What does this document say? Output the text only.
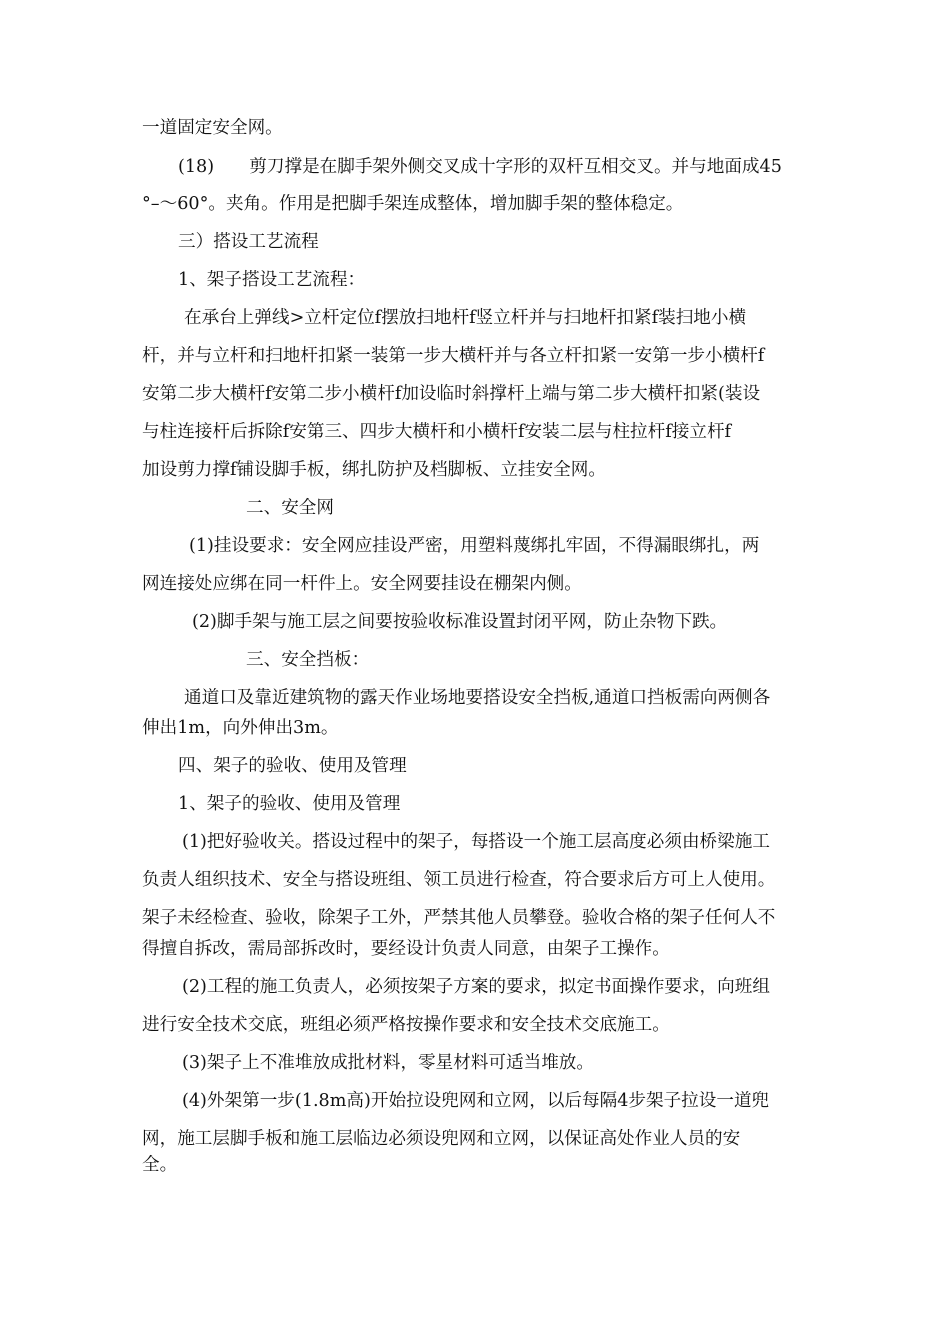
一道固定安全网。
(18)　　剪刀撑是在脚手架外侧交叉成十字形的双杆互相交叉。并与地面成45
°–〜60°。夹角。作用是把脚手架连成整体，增加脚手架的整体稳定。
三）搭设工艺流程
1、架子搭设工艺流程：
在承台上弹线>立杆定位f摆放扫地杆f竖立杆并与扫地杆扣紧f装扫地小横
杆，并与立杆和扫地杆扣紧一装第一步大横杆并与各立杆扣紧一安第一步小横杆f
安第二步大横杆f安第二步小横杆f加设临时斜撑杆上端与第二步大横杆扣紧(装设
与柱连接杆后拆除f安第三、四步大横杆和小横杆f安装二层与柱拉杆f接立杆f
加设剪力撑f铺设脚手板，绑扎防护及档脚板、立挂安全网。
二、安全网
(1)挂设要求：安全网应挂设严密，用塑料蔑绑扎牢固，不得漏眼绑扎，两
网连接处应绑在同一杆件上。安全网要挂设在棚架内侧。
(2)脚手架与施工层之间要按验收标准设置封闭平网，防止杂物下跌。
三、安全挡板：
通道口及靠近建筑物的露天作业场地要搭设安全挡板,通道口挡板需向两侧各
伸出1m，向外伸出3m。
四、架子的验收、使用及管理
1、架子的验收、使用及管理
(1)把好验收关。搭设过程中的架子，每搭设一个施工层高度必须由桥梁施工
负责人组织技术、安全与搭设班组、领工员进行检查，符合要求后方可上人使用。
架子未经检查、验收，除架子工外，严禁其他人员攀登。验收合格的架子任何人不
得擅自拆改，需局部拆改时，要经设计负责人同意，由架子工操作。
(2)工程的施工负责人，必须按架子方案的要求，拟定书面操作要求，向班组
进行安全技术交底，班组必须严格按操作要求和安全技术交底施工。
(3)架子上不准堆放成批材料，零星材料可适当堆放。
(4)外架第一步(1.8m高)开始拉设兜网和立网，以后每隔4步架子拉设一道兜
网，施工层脚手板和施工层临边必须设兜网和立网，以保证高处作业人员的安
全。
